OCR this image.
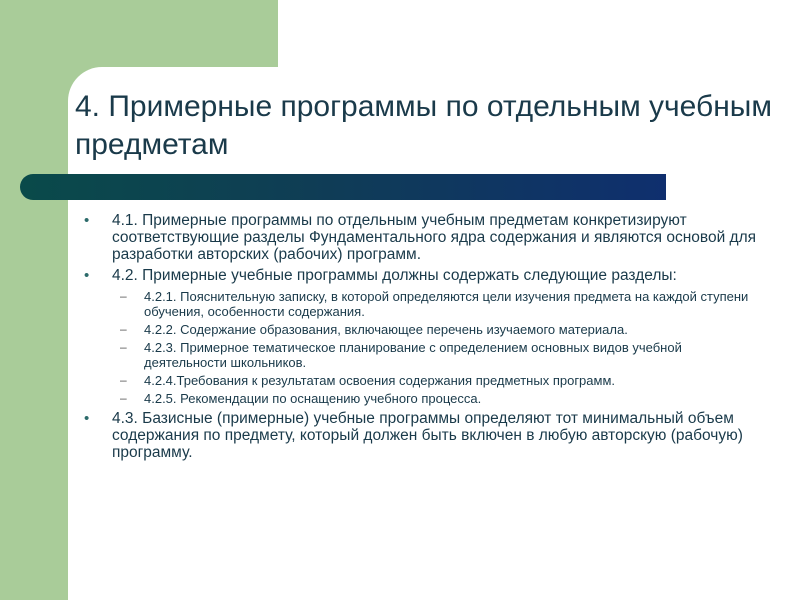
4. Примерные программы по отдельным учебным предметам
• 4.1. Примерные программы по отдельным учебным предметам конкретизируют соответствующие разделы Фундаментального ядра содержания и являются основой для разработки авторских (рабочих) программ.
• 4.2. Примерные учебные программы должны содержать следующие разделы:
– 4.2.1. Пояснительную записку, в которой определяются цели изучения предмета на каждой ступени обучения, особенности содержания.
– 4.2.2. Содержание образования, включающее перечень изучаемого материала.
– 4.2.3. Примерное тематическое планирование с определением основных видов учебной деятельности школьников.
– 4.2.4.Требования к результатам освоения содержания предметных программ.
– 4.2.5. Рекомендации по оснащению учебного процесса.
• 4.3. Базисные (примерные) учебные программы определяют тот минимальный объем содержания по предмету, который должен быть включен в любую авторскую (рабочую) программу.
